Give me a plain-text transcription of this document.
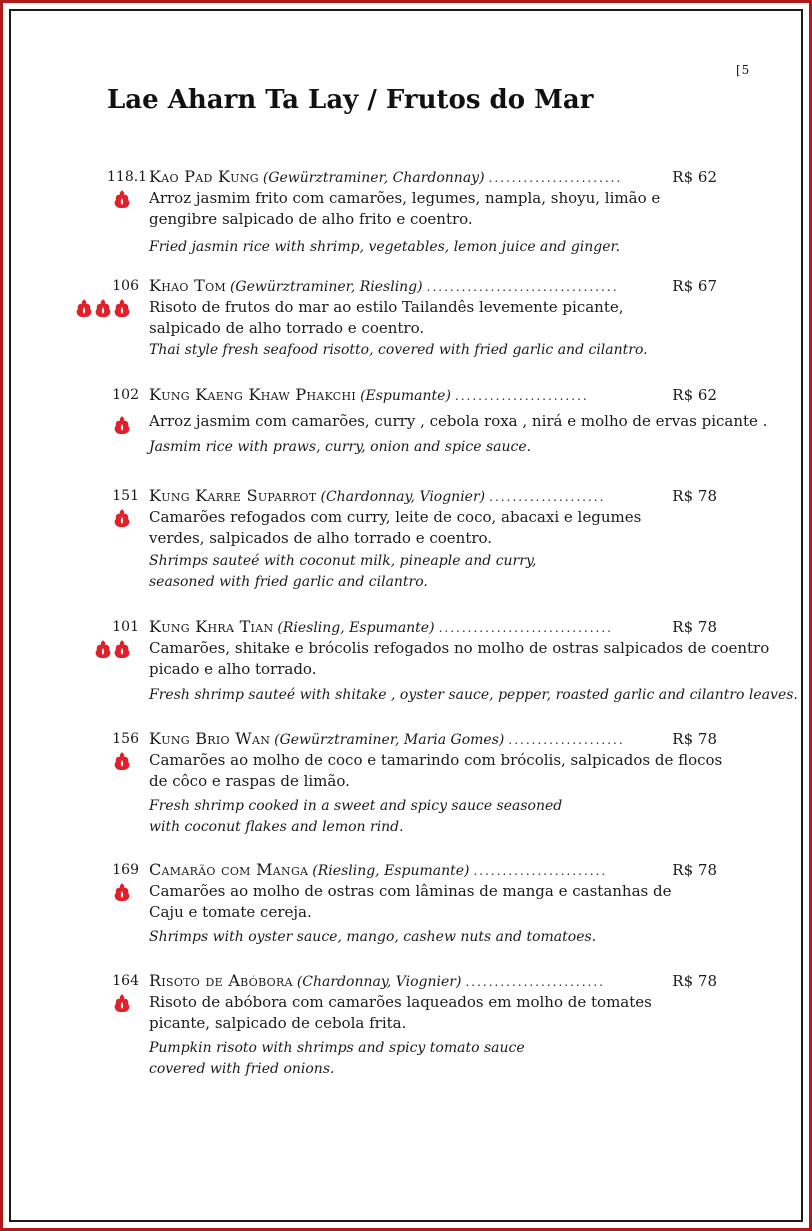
[5
Lae Aharn Ta Lay / Frutos do Mar
118.1 Kao Pad Kung (Gewürztraminer, Chardonnay) .......................	R$ 62

Arroz jasmim frito com camarões, legumes, nampla, shoyu, limão e gengibre salpicado de alho frito e coentro.

Fried jasmin rice with shrimp, vegetables, lemon juice and ginger.

106 Khao Tom (Gewürztraminer, Riesling) .................................	R$ 67

Risoto de frutos do mar ao estilo Tailandês levemente picante, salpicado de alho torrado e coentro.

Thai style fresh seafood risotto, covered with fried garlic and cilantro.

102 Kung Kaeng Khaw Phakchi (Espumante) .......................	R$ 62

Arroz jasmim com camarões, curry , cebola roxa , nirá e molho de ervas picante .

Jasmim rice with praws, curry, onion and spice sauce.

151 Kung Karre Suparrot (Chardonnay, Viognier) ....................	R$ 78

Camarões refogados com curry, leite de coco, abacaxi e legumes verdes, salpicados de alho torrado e coentro.

Shrimps sauteé with coconut milk, pineaple and curry, seasoned with fried garlic and cilantro.

101 Kung Khra Tian (Riesling, Espumante) ..............................	R$ 78

Camarões, shitake e brócolis refogados no molho de ostras salpicados de coentro picado e alho torrado.

Fresh shrimp sauteé with shitake , oyster sauce, pepper, roasted garlic and cilantro leaves.

156 Kung Brio Wan (Gewürztraminer, Maria Gomes) ....................	R$ 78

Camarões ao molho de coco e tamarindo com brócolis, salpicados de flocos de côco e raspas de limão.

Fresh shrimp cooked in a sweet and spicy sauce seasoned with coconut flakes and lemon rind.

169 Camarão com Manga (Riesling, Espumante) .......................	R$ 78

Camarões ao molho de ostras com lâminas de manga e castanhas de Caju e tomate cereja.

Shrimps with oyster sauce, mango, cashew nuts and tomatoes.

164 Risoto de Abóbora (Chardonnay, Viognier) ........................	R$ 78

Risoto de abóbora com camarões laqueados em molho de tomates picante, salpicado de cebola frita.

Pumpkin risoto with shrimps and spicy tomato sauce covered with fried onions.
